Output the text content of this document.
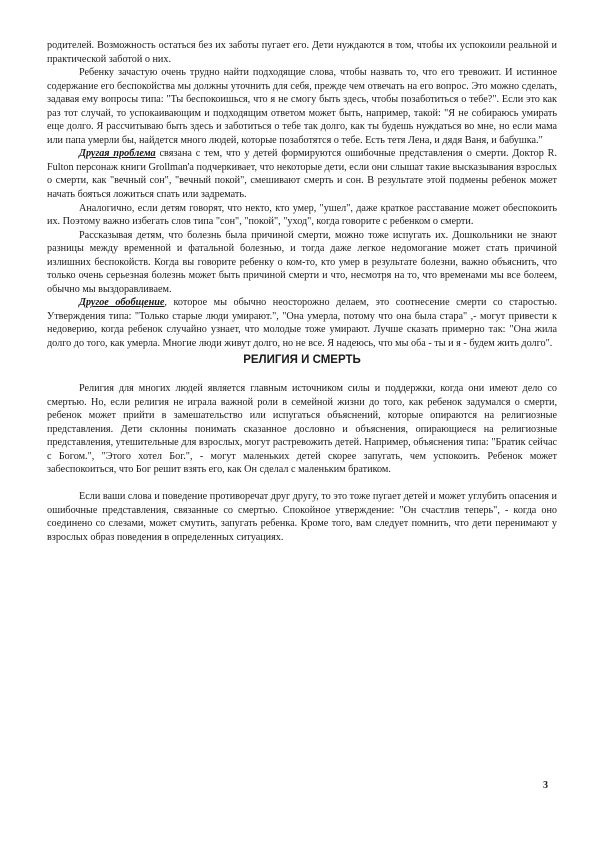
родителей. Возможность остаться без их заботы пугает его. Дети нуждаются в том, чтобы их успокоили реальной и практической заботой о них.

Ребенку зачастую очень трудно найти подходящие слова, чтобы назвать то, что его тревожит. И истинное содержание его беспокойства мы должны уточнить для себя, прежде чем отвечать на его вопрос. Это можно сделать, задавая ему вопросы типа: "Ты беспокоишься, что я не смогу быть здесь, чтобы позаботиться о тебе?". Если это как раз тот случай, то успокаивающим и подходящим ответом может быть, например, такой: "Я не собираюсь умирать еще долго. Я рассчитываю быть здесь и заботиться о тебе так долго, как ты будешь нуждаться во мне, но если мама или папа умерли бы, найдется много людей, которые позаботятся о тебе. Есть тетя Лена, и дядя Ваня, и бабушка."

Другая проблема связана с тем, что у детей формируются ошибочные представления о смерти. Доктор R. Fulton персонаж книги Grollman'a подчеркивает, что некоторые дети, если они слышат такие высказывания взрослых о смерти, как "вечный сон", "вечный покой", смешивают смерть и сон. В результате этой подмены ребенок может начать бояться ложиться спать или задремать.

Аналогично, если детям говорят, что некто, кто умер, "ушел", даже краткое расставание может обеспокоить их. Поэтому важно избегать слов типа "сон", "покой", "уход", когда говорите с ребенком о смерти.

Рассказывая детям, что болезнь была причиной смерти, можно тоже испугать их. Дошкольники не знают разницы между временной и фатальной болезнью, и тогда даже легкое недомогание может стать причиной излишних беспокойств. Когда вы говорите ребенку о ком-то, кто умер в результате болезни, важно объяснить, что только очень серьезная болезнь может быть причиной смерти и что, несмотря на то, что временами мы все болеем, обычно мы выздоравливаем.

Другое обобщение, которое мы обычно неосторожно делаем, это соотнесение смерти со старостью. Утверждения типа: "Только старые люди умирают.", "Она умерла, потому что она была стара" ,- могут привести к недоверию, когда ребенок случайно узнает, что молодые тоже умирают. Лучше сказать примерно так: "Она жила долго до того, как умерла. Многие люди живут долго, но не все. Я надеюсь, что мы оба - ты и я - будем жить долго".

РЕЛИГИЯ И СМЕРТЬ

Религия для многих людей является главным источником силы и поддержки, когда они имеют дело со смертью. Но, если религия не играла важной роли в семейной жизни до того, как ребенок задумался о смерти, ребенок может прийти в замешательство или испугаться объяснений, которые опираются на религиозные представления. Дети склонны понимать сказанное дословно и объяснения, опирающиеся на религиозные представления, утешительные для взрослых, могут растревожить детей. Например, объяснения типа: "Братик сейчас с Богом.", "Этого хотел Бог.", - могут маленьких детей скорее запугать, чем успокоить. Ребенок может забеспокоиться, что Бог решит взять его, как Он сделал с маленьким братиком.

Если ваши слова и поведение противоречат друг другу, то это тоже пугает детей и может углубить опасения и ошибочные представления, связанные со смертью. Спокойное утверждение: "Он счастлив теперь", - когда оно соединено со слезами, может смутить, запугать ребенка. Кроме того, вам следует помнить, что дети перенимают у взрослых образ поведения в определенных ситуациях.

3
